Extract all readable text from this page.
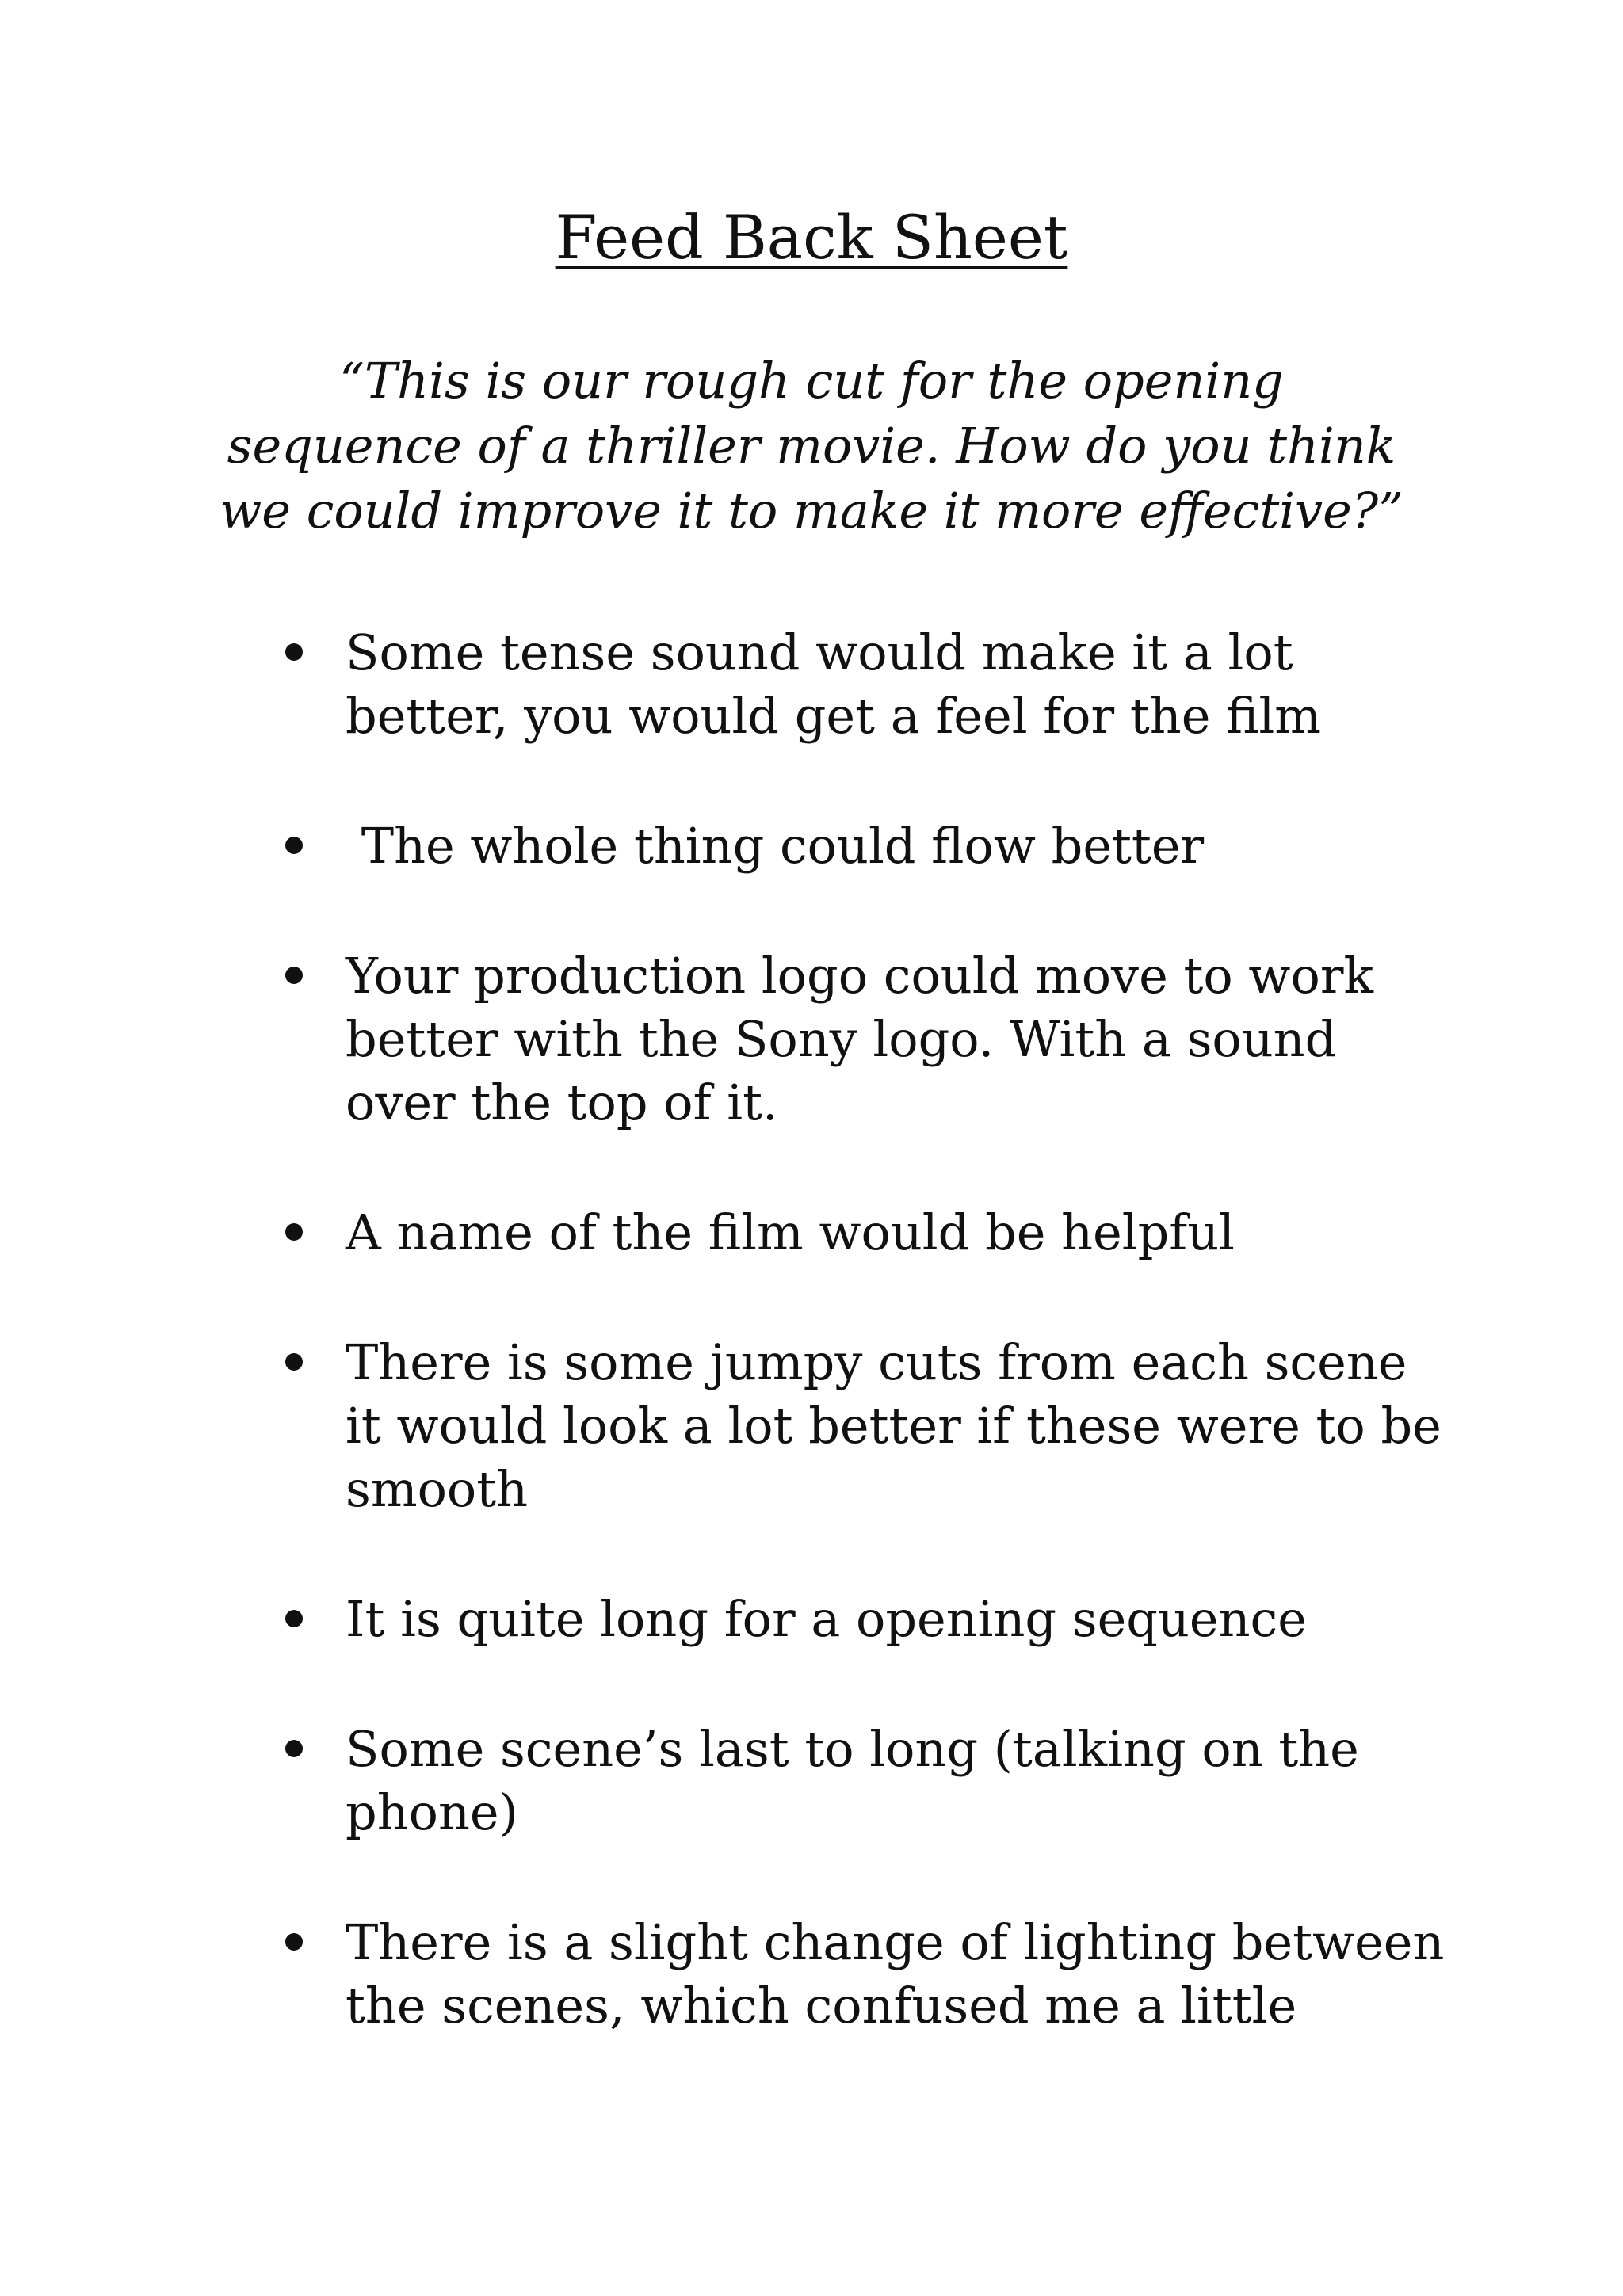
Feed Back Sheet

“This is our rough cut for the opening sequence of a thriller movie. How do you think we could improve it to make it more effective?”

Some tense sound would make it a lot better, you would get a feel for the film
The whole thing could flow better
Your production logo could move to work better with the Sony logo. With a sound over the top of it.
A name of the film would be helpful
There is some jumpy cuts from each scene it would look a lot better if these were to be smooth
It is quite long for a opening sequence
Some scene’s last to long (talking on the phone)
There is a slight change of lighting between the scenes, which confused me a little
